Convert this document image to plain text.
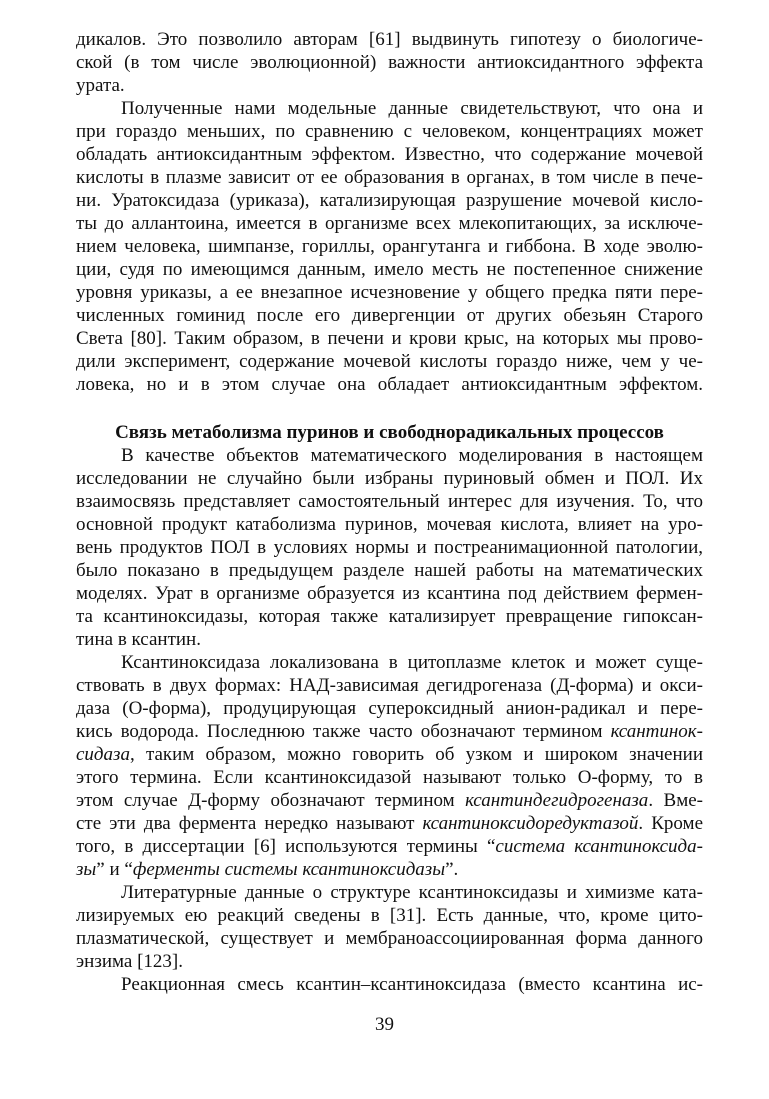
дикалов. Это позволило авторам [61] выдвинуть гипотезу о биологиче-
ской (в том числе эволюционной) важности антиоксидантного эффекта
урата.
Полученные нами модельные данные свидетельствуют, что она и
при гораздо меньших, по сравнению с человеком, концентрациях может
обладать антиоксидантным эффектом. Известно, что содержание мочевой
кислоты в плазме зависит от ее образования в органах, в том числе в пече-
ни. Уратоксидаза (уриказа), катализирующая разрушение мочевой кисло-
ты до аллантоина, имеется в организме всех млекопитающих, за исключе-
нием человека, шимпанзе, гориллы, орангутанга и гиббона. В ходе эволю-
ции, судя по имеющимся данным, имело месть не постепенное снижение
уровня уриказы, а ее внезапное исчезновение у общего предка пяти пере-
численных гоминид после его дивергенции от других обезьян Старого
Света [80]. Таким образом, в печени и крови крыс, на которых мы прово-
дили эксперимент, содержание мочевой кислоты гораздо ниже, чем у че-
ловека, но и в этом случае она обладает антиоксидантным эффектом.
Связь метаболизма пуринов и свободнорадикальных процессов
В качестве объектов математического моделирования в настоящем
исследовании не случайно были избраны пуриновый обмен и ПОЛ. Их
взаимосвязь представляет самостоятельный интерес для изучения. То, что
основной продукт катаболизма пуринов, мочевая кислота, влияет на уро-
вень продуктов ПОЛ в условиях нормы и постреанимационной патологии,
было показано в предыдущем разделе нашей работы на математических
моделях. Урат в организме образуется из ксантина под действием фермен-
та ксантиноксидазы, которая также катализирует превращение гипоксан-
тина в ксантин.
Ксантиноксидаза локализована в цитоплазме клеток и может суще-
ствовать в двух формах: НАД-зависимая дегидрогеназа (Д-форма) и окси-
даза (О-форма), продуцирующая супероксидный анион-радикал и пере-
кись водорода. Последнюю также часто обозначают термином ксантинок-
сидаза, таким образом, можно говорить об узком и широком значении
этого термина. Если ксантиноксидазой называют только О-форму, то в
этом случае Д-форму обозначают термином ксантиндегидрогеназа. Вме-
сте эти два фермента нередко называют ксантиноксидоредуктазой. Кроме
того, в диссертации [6] используются термины “система ксантиноксида-
зы” и “ферменты системы ксантиноксидазы”.
Литературные данные о структуре ксантиноксидазы и химизме ката-
лизируемых ею реакций сведены в [31]. Есть данные, что, кроме цито-
плазматической, существует и мембраноассоциированная форма данного
энзима [123].
Реакционная смесь ксантин–ксантиноксидаза (вместо ксантина ис-
39
